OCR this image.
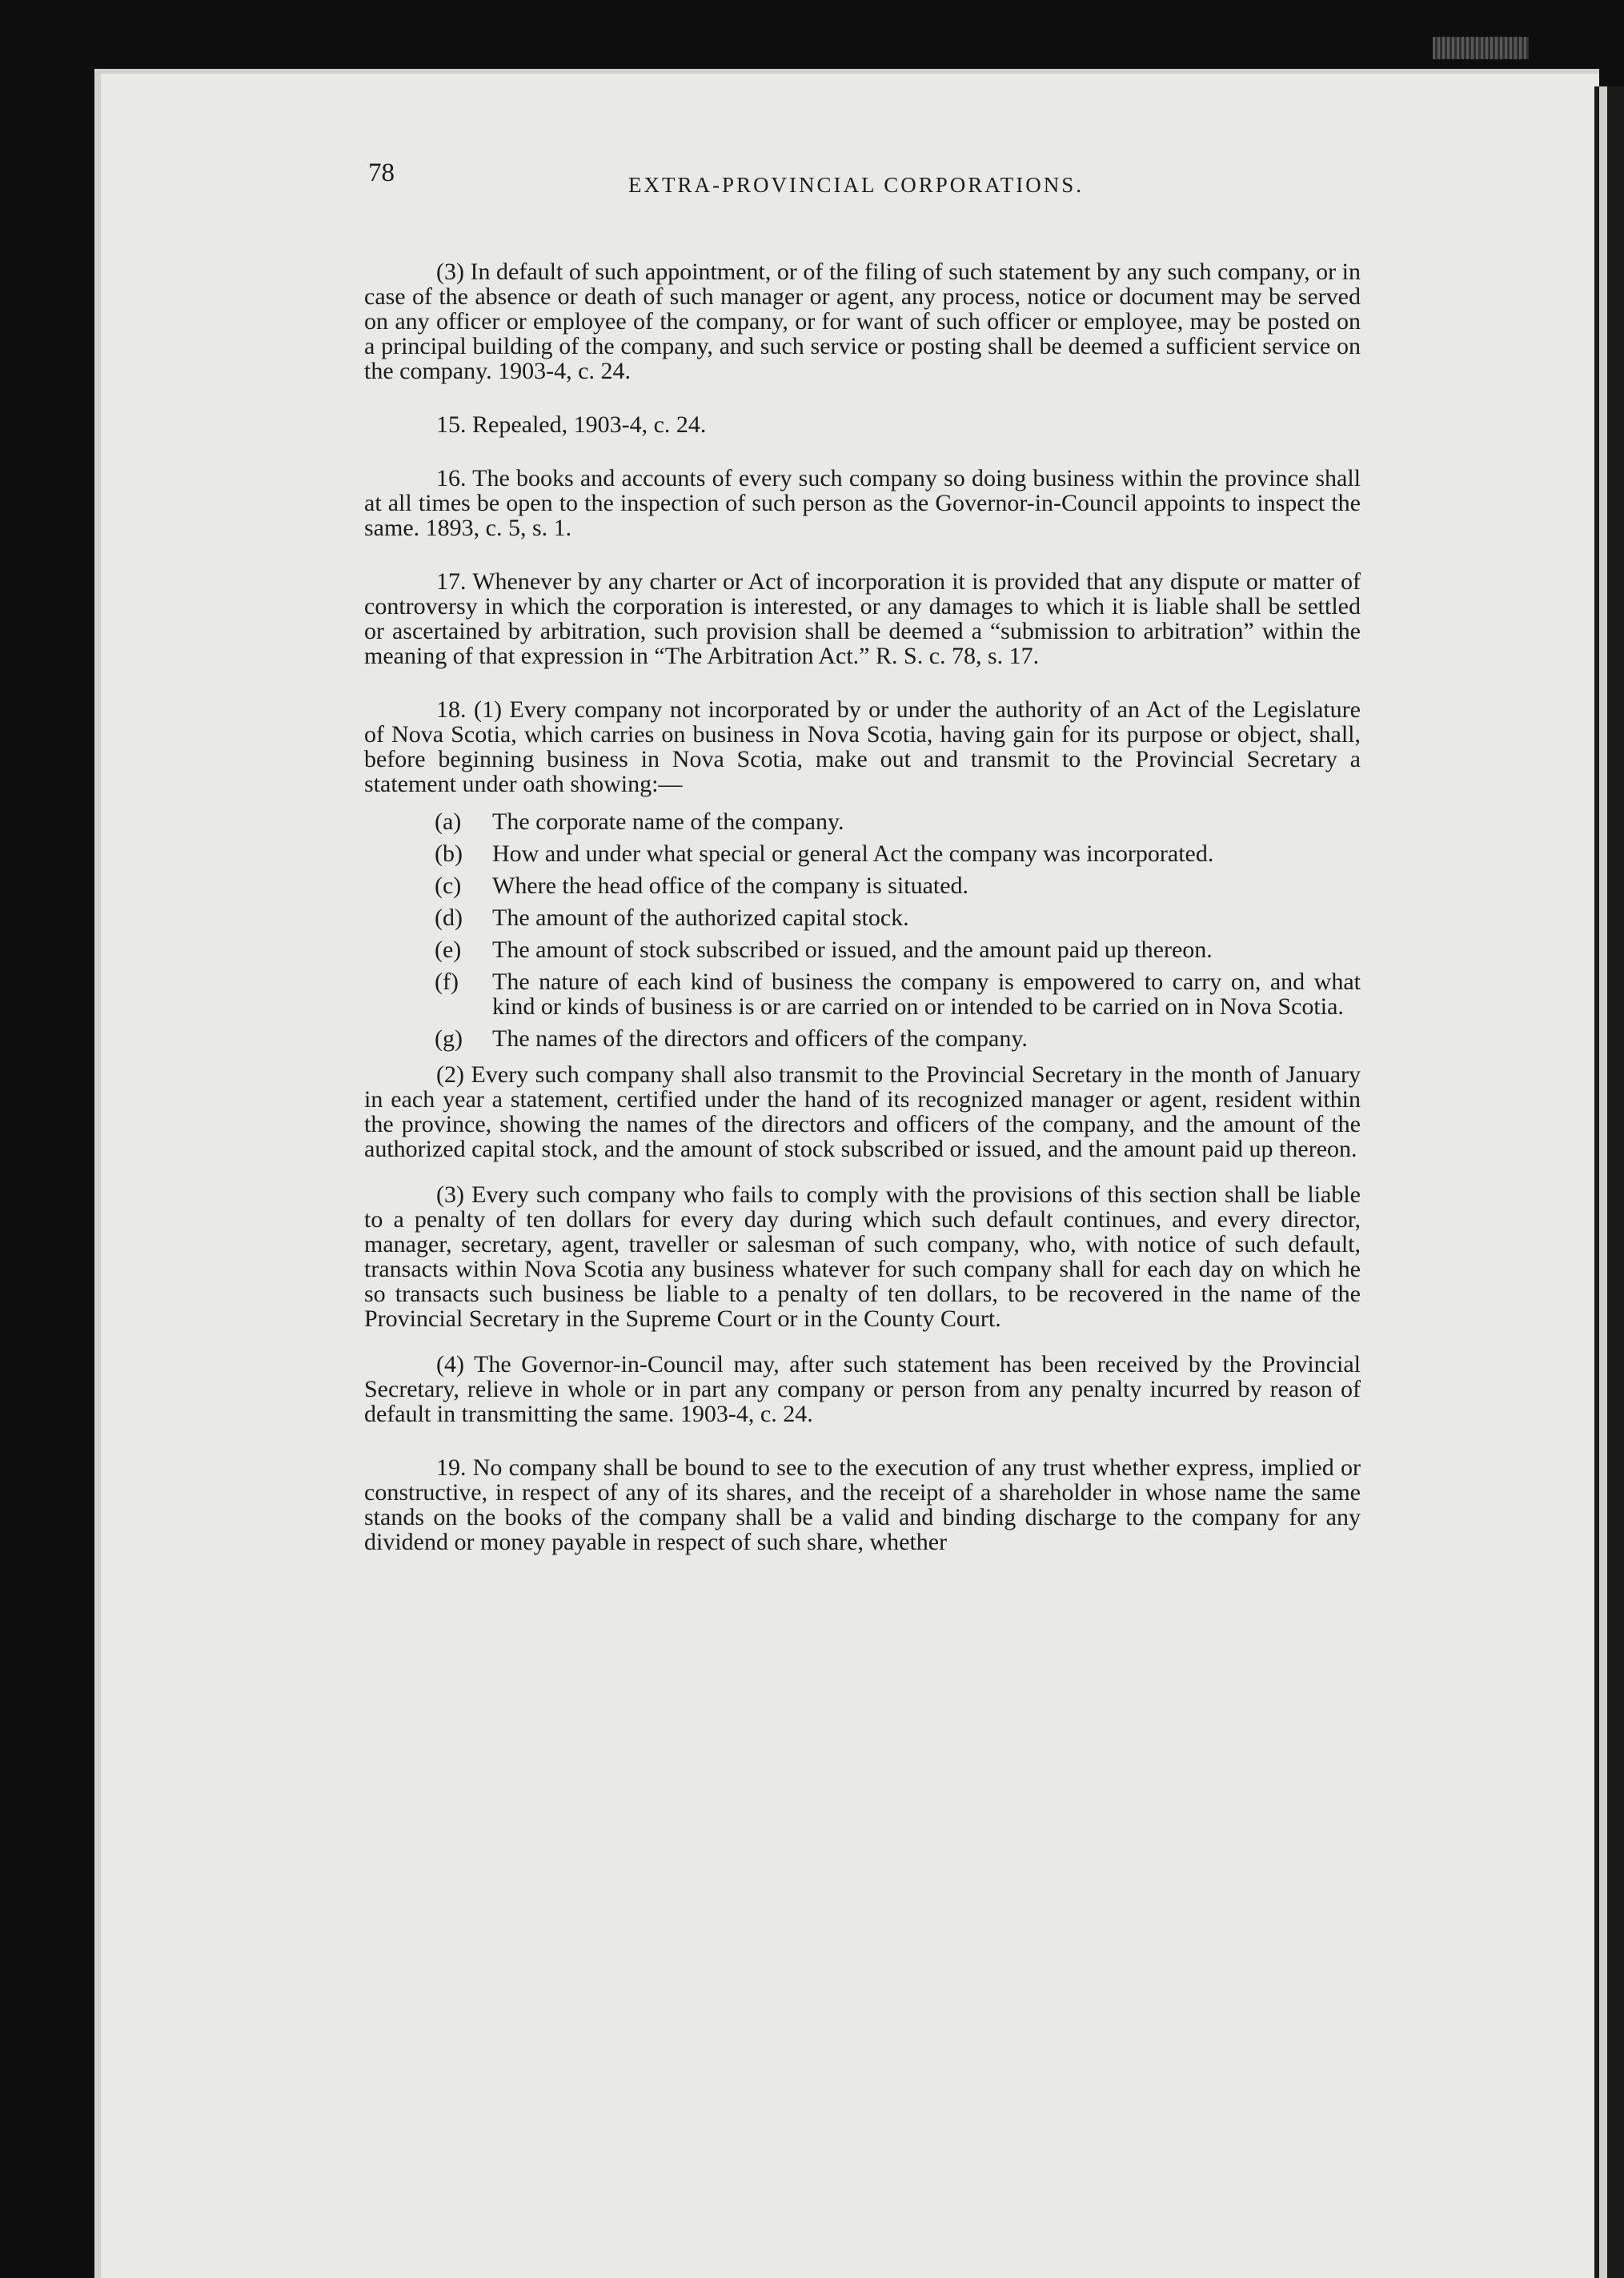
78	EXTRA-PROVINCIAL CORPORATIONS.

(3) In default of such appointment, or of the filing of such statement by any such company, or in case of the absence or death of such manager or agent, any process, notice or document may be served on any officer or employee of the company, or for want of such officer or employee, may be posted on a principal building of the company, and such service or posting shall be deemed a sufficient service on the company. 1903-4, c. 24.

15. Repealed, 1903-4, c. 24.

16. The books and accounts of every such company so doing business within the province shall at all times be open to the inspection of such person as the Governor-in-Council appoints to inspect the same. 1893, c. 5, s. 1.

17. Whenever by any charter or Act of incorporation it is provided that any dispute or matter of controversy in which the corporation is interested, or any damages to which it is liable shall be settled or ascertained by arbitration, such provision shall be deemed a “submission to arbitration” within the meaning of that expression in “The Arbitration Act.” R. S. c. 78, s. 17.

18. (1) Every company not incorporated by or under the authority of an Act of the Legislature of Nova Scotia, which carries on business in Nova Scotia, having gain for its purpose or object, shall, before beginning business in Nova Scotia, make out and transmit to the Provincial Secretary a statement under oath showing:—

(a)	The corporate name of the company.
(b)	How and under what special or general Act the company was incorporated.
(c)	Where the head office of the company is situated.
(d)	The amount of the authorized capital stock.
(e)	The amount of stock subscribed or issued, and the amount paid up thereon.
(f)	The nature of each kind of business the company is empowered to carry on, and what kind or kinds of business is or are carried on or intended to be carried on in Nova Scotia.
(g)	The names of the directors and officers of the company.

(2) Every such company shall also transmit to the Provincial Secretary in the month of January in each year a statement, certified under the hand of its recognized manager or agent, resident within the province, showing the names of the directors and officers of the company, and the amount of the authorized capital stock, and the amount of stock subscribed or issued, and the amount paid up thereon.

(3) Every such company who fails to comply with the provisions of this section shall be liable to a penalty of ten dollars for every day during which such default continues, and every director, manager, secretary, agent, traveller or salesman of such company, who, with notice of such default, transacts within Nova Scotia any business whatever for such company shall for each day on which he so transacts such business be liable to a penalty of ten dollars, to be recovered in the name of the Provincial Secretary in the Supreme Court or in the County Court.

(4) The Governor-in-Council may, after such statement has been received by the Provincial Secretary, relieve in whole or in part any company or person from any penalty incurred by reason of default in transmitting the same. 1903-4, c. 24.

19. No company shall be bound to see to the execution of any trust whether express, implied or constructive, in respect of any of its shares, and the receipt of a shareholder in whose name the same stands on the books of the company shall be a valid and binding discharge to the company for any dividend or money payable in respect of such share, whether
